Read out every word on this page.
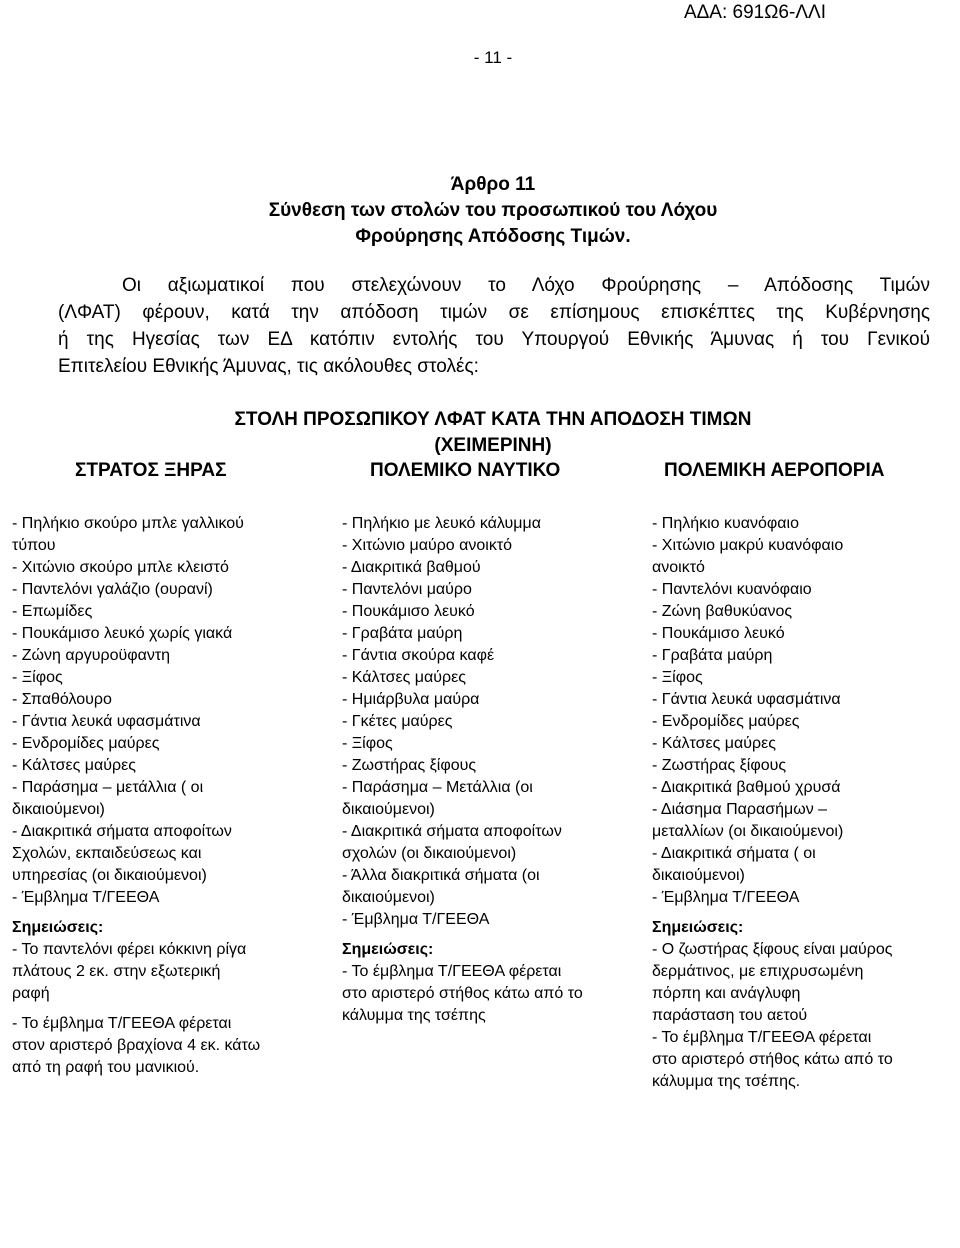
ΑΔΑ: 691Ω6-ΛΛΙ
- 11 -
Άρθρο 11
Σύνθεση των στολών του προσωπικού του Λόχου
Φρούρησης Απόδοσης Τιμών.
Οι αξιωματικοί που στελεχώνουν το Λόχο Φρούρησης – Απόδοσης Τιμών
(ΛΦΑΤ) φέρουν, κατά την απόδοση τιμών σε επίσημους επισκέπτες της Κυβέρνησης
ή της Ηγεσίας των ΕΔ κατόπιν εντολής του Υπουργού Εθνικής Άμυνας ή του Γενικού
Επιτελείου Εθνικής Άμυνας, τις ακόλουθες στολές:
ΣΤΟΛΗ ΠΡΟΣΩΠΙΚΟΥ ΛΦΑΤ ΚΑΤΑ ΤΗΝ ΑΠΟΔΟΣΗ ΤΙΜΩΝ
(ΧΕΙΜΕΡΙΝΗ)
ΣΤΡΑΤΟΣ ΞΗΡΑΣ	ΠΟΛΕΜΙΚΟ ΝΑΥΤΙΚΟ	ΠΟΛΕΜΙΚΗ ΑΕΡΟΠΟΡΙΑ
- Πηλήκιο σκούρο μπλε γαλλικού
τύπου
- Χιτώνιο σκούρο μπλε κλειστό
- Παντελόνι γαλάζιο (ουρανί)
- Επωμίδες
- Πουκάμισο λευκό χωρίς γιακά
- Ζώνη αργυροϋφαντη
- Ξίφος
- Σπαθόλουρο
- Γάντια λευκά υφασμάτινα
- Ενδρομίδες μαύρες
- Κάλτσες μαύρες
- Παράσημα – μετάλλια ( οι
δικαιούμενοι)
- Διακριτικά σήματα αποφοίτων
Σχολών, εκπαιδεύσεως και
υπηρεσίας (οι δικαιούμενοι)
- Έμβλημα Τ/ΓΕΕΘΑ
Σημειώσεις:
- Το παντελόνι φέρει κόκκινη ρίγα
πλάτους 2 εκ. στην εξωτερική
ραφή
- Το έμβλημα Τ/ΓΕΕΘΑ φέρεται
στον αριστερό βραχίονα 4 εκ. κάτω
από τη ραφή του μανικιού.
- Πηλήκιο με λευκό κάλυμμα
- Χιτώνιο μαύρο ανοικτό
- Διακριτικά βαθμού
- Παντελόνι μαύρο
- Πουκάμισο λευκό
- Γραβάτα μαύρη
- Γάντια σκούρα καφέ
- Κάλτσες μαύρες
- Ημιάρβυλα μαύρα
- Γκέτες μαύρες
- Ξίφος
- Ζωστήρας ξίφους
- Παράσημα – Μετάλλια (οι
δικαιούμενοι)
- Διακριτικά σήματα αποφοίτων
σχολών (οι δικαιούμενοι)
- Άλλα διακριτικά σήματα (οι
δικαιούμενοι)
- Έμβλημα Τ/ΓΕΕΘΑ
Σημειώσεις:
- Το έμβλημα Τ/ΓΕΕΘΑ φέρεται
στο αριστερό στήθος κάτω από το
κάλυμμα της τσέπης
- Πηλήκιο κυανόφαιο
- Χιτώνιο μακρύ κυανόφαιο
ανοικτό
- Παντελόνι κυανόφαιο
- Ζώνη βαθυκύανος
- Πουκάμισο λευκό
- Γραβάτα μαύρη
- Ξίφος
- Γάντια λευκά υφασμάτινα
- Ενδρομίδες μαύρες
- Κάλτσες μαύρες
- Ζωστήρας ξίφους
- Διακριτικά βαθμού χρυσά
- Διάσημα Παρασήμων –
μεταλλίων (οι δικαιούμενοι)
- Διακριτικά σήματα ( οι
δικαιούμενοι)
- Έμβλημα Τ/ΓΕΕΘΑ
Σημειώσεις:
- Ο ζωστήρας ξίφους είναι μαύρος
δερμάτινος, με επιχρυσωμένη
πόρπη και ανάγλυφη
παράσταση του αετού
- Το έμβλημα Τ/ΓΕΕΘΑ φέρεται
στο αριστερό στήθος κάτω από το
κάλυμμα της τσέπης.
